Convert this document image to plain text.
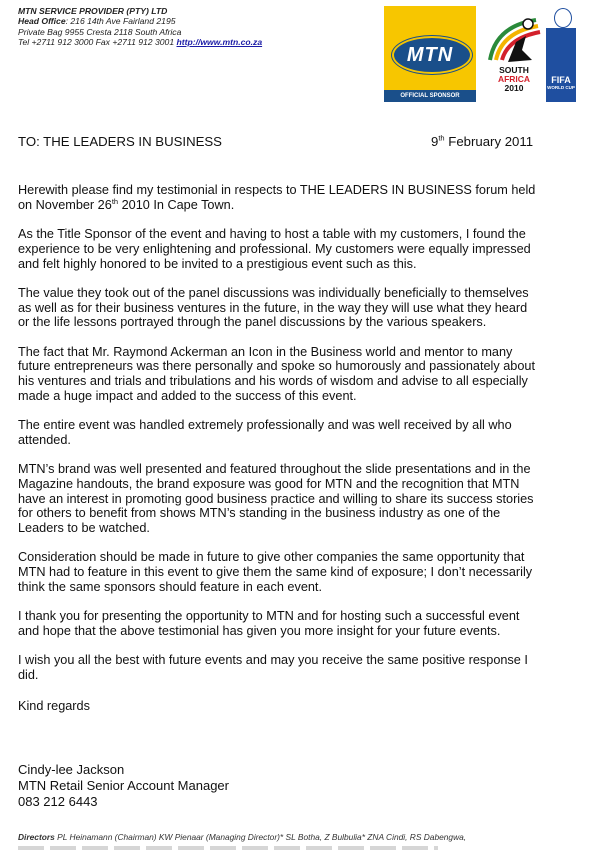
MTN SERVICE PROVIDER (PTY) LTD
Head Office: 216 14th Ave Fairland 2195
Private Bag 9955 Cresta 2118 South Africa
Tel +2711 912 3000 Fax +2711 912 3001 http://www.mtn.co.za
MTN
OFFICIAL SPONSOR
SOUTH
AFRICA
2010
FIFA
WORLD CUP
TO: THE LEADERS IN BUSINESS	9th February 2011

Herewith please find my testimonial in respects to THE LEADERS IN BUSINESS forum held
on November 26th 2010 In Cape Town.

As the Title Sponsor of the event and having to host a table with my customers, I found the
experience to be very enlightening and professional. My customers were equally impressed
and felt highly honored to be invited to a prestigious event such as this.

The value they took out of the panel discussions was individually beneficially to themselves
as well as for their business ventures in the future, in the way they will use what they heard
or the life lessons portrayed through the panel discussions by the various speakers.

The fact that Mr. Raymond Ackerman an Icon in the Business world and mentor to many
future entrepreneurs was there personally and spoke so humorously and passionately about
his ventures and trials and tribulations and his words of wisdom and advise to all especially
made a huge impact and added to the success of this event.

The entire event was handled extremely professionally and was well received by all who
attended.

MTN’s brand was well presented and featured throughout the slide presentations and in the
Magazine handouts, the brand exposure was good for MTN and the recognition that MTN
have an interest in promoting good business practice and willing to share its success stories
for others to benefit from shows MTN’s standing in the business industry as one of the
Leaders to be watched.

Consideration should be made in future to give other companies the same opportunity that
MTN had to feature in this event to give them the same kind of exposure; I don’t necessarily
think the same sponsors should feature in each event.

I thank you for presenting the opportunity to MTN and for hosting such a successful event
and hope that the above testimonial has given you more insight for your future events.

I wish you all the best with future events and may you receive the same positive response I
did.

Kind regards
Cindy-lee Jackson
MTN Retail Senior Account Manager
083 212 6443
Directors PL Heinamann (Chairman) KW Pienaar (Managing Director)* SL Botha, Z Bulbulia* ZNA Cindi, RS Dabengwa,
